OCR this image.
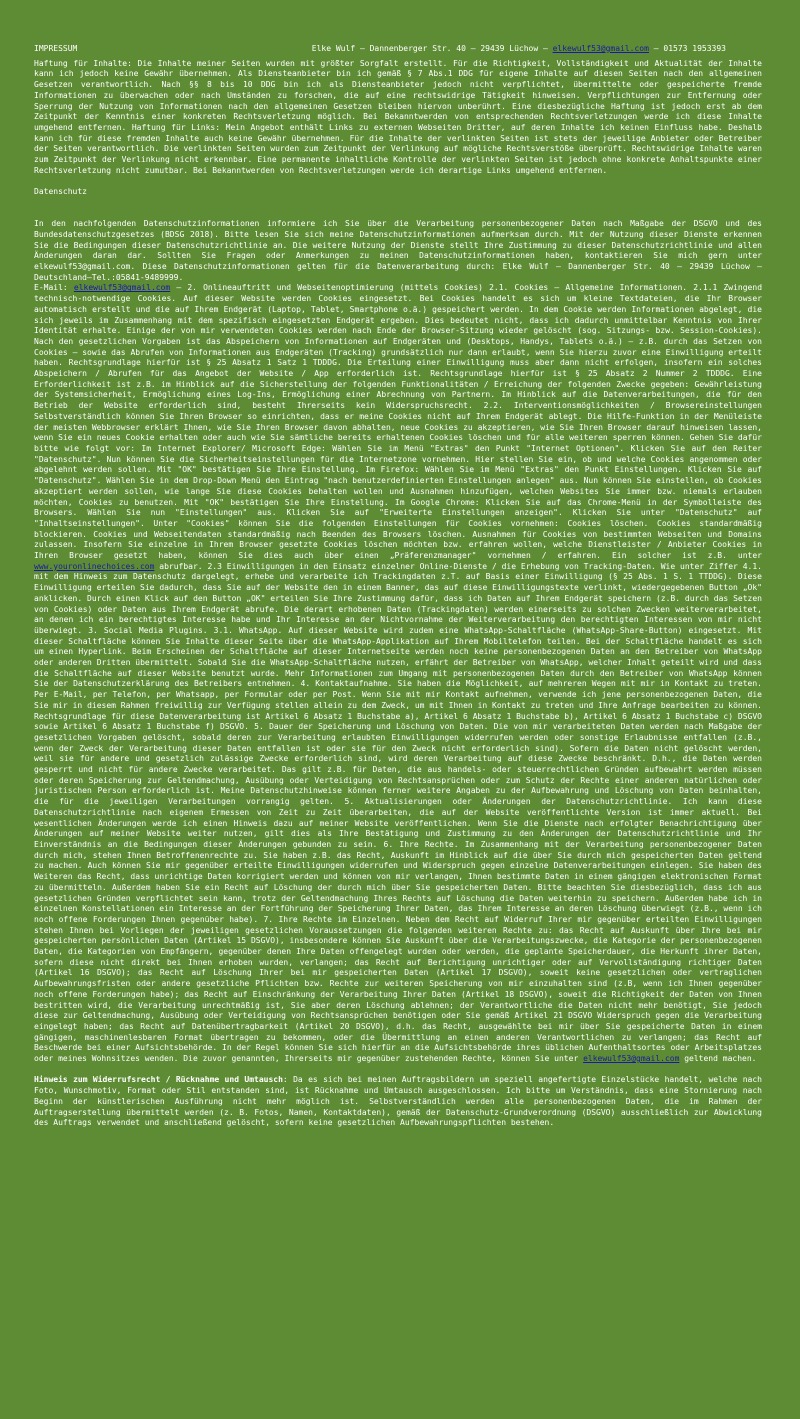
IMPRESSUM	Elke Wulf – Dannenberger Str. 40 – 29439 Lüchow – elkewulf53@gmail.com – 01573 1953393

Haftung für Inhalte: Die Inhalte meiner Seiten wurden mit größter Sorgfalt erstellt. Für die Richtigkeit, Vollständigkeit und Aktualität der Inhalte kann ich jedoch keine Gewähr übernehmen. Als Diensteanbieter bin ich gemäß § 7 Abs.1 DDG für eigene Inhalte auf diesen Seiten nach den allgemeinen Gesetzen verantwortlich. Nach §§ 8 bis 10 DDG bin ich als Diensteanbieter jedoch nicht verpflichtet, übermittelte oder gespeicherte fremde Informationen zu überwachen oder nach Umständen zu forschen, die auf eine rechtswidrige Tätigkeit hinweisen. Verpflichtungen zur Entfernung oder Sperrung der Nutzung von Informationen nach den allgemeinen Gesetzen bleiben hiervon unberührt. Eine diesbezügliche Haftung ist jedoch erst ab dem Zeitpunkt der Kenntnis einer konkreten Rechtsverletzung möglich. Bei Bekanntwerden von entsprechenden Rechtsverletzungen werde ich diese Inhalte umgehend entfernen. Haftung für Links: Mein Angebot enthält Links zu externen Webseiten Dritter, auf deren Inhalte ich keinen Einfluss habe. Deshalb kann ich für diese fremden Inhalte auch keine Gewähr übernehmen. Für die Inhalte der verlinkten Seiten ist stets der jeweilige Anbieter oder Betreiber der Seiten verantwortlich. Die verlinkten Seiten wurden zum Zeitpunkt der Verlinkung auf mögliche Rechtsverstöße überprüft. Rechtswidrige Inhalte waren zum Zeitpunkt der Verlinkung nicht erkennbar. Eine permanente inhaltliche Kontrolle der verlinkten Seiten ist jedoch ohne konkrete Anhaltspunkte einer Rechtsverletzung nicht zumutbar. Bei Bekanntwerden von Rechtsverletzungen werde ich derartige Links umgehend entfernen.

Datenschutz

In den nachfolgenden Datenschutzinformationen informiere ich Sie über die Verarbeitung personenbezogener Daten nach Maßgabe der DSGVO und des Bundesdatenschutzgesetzes (BDSG 2018). Bitte lesen Sie sich meine Datenschutzinformationen aufmerksam durch. Mit der Nutzung dieser Dienste erkennen Sie die Bedingungen dieser Datenschutzrichtlinie an. Die weitere Nutzung der Dienste stellt Ihre Zustimmung zu dieser Datenschutzrichtlinie und allen Änderungen daran dar. Sollten Sie Fragen oder Anmerkungen zu meinen Datenschutzinformationen haben, kontaktieren Sie mich gern unter elkewulf53@gmail.com. Diese Datenschutzinformationen gelten für die Datenverarbeitung durch: Elke Wulf – Dannenberger Str. 40 – 29439 Lüchow – Deutschland–Tel.:05841-9489999.

E-Mail: elkewulf53@gmail.com – 2. Onlineauftritt und Webseitenoptimierung (mittels Cookies) 2.1. Cookies – Allgemeine Informationen. 2.1.1 Zwingend technisch-notwendige Cookies. Auf dieser Website werden Cookies eingesetzt. Bei Cookies handelt es sich um kleine Textdateien, die Ihr Browser automatisch erstellt und die auf Ihrem Endgerät (Laptop, Tablet, Smartphone o.ä.) gespeichert werden. In dem Cookie werden Informationen abgelegt, die sich jeweils im Zusammenhang mit dem spezifisch eingesetzten Endgerät ergeben. Dies bedeutet nicht, dass ich dadurch unmittelbar Kenntnis von Ihrer Identität erhalte. Einige der von mir verwendeten Cookies werden nach Ende der Browser-Sitzung wieder gelöscht (sog. Sitzungs- bzw. Session-Cookies). Nach den gesetzlichen Vorgaben ist das Abspeichern von Informationen auf Endgeräten und (Desktops, Handys, Tablets o.ä.) – z.B. durch das Setzen von Cookies – sowie das Abrufen von Informationen aus Endgeräten (Tracking) grundsätzlich nur dann erlaubt, wenn Sie hierzu zuvor eine Einwilligung erteilt haben. Rechtsgrundlage hierfür ist § 25 Absatz 1 Satz 1 TDDDG. Die Erteilung einer Einwilligung muss aber dann nicht erfolgen, insofern ein solches Abspeichern / Abrufen für das Angebot der Website / App erforderlich ist. Rechtsgrundlage hierfür ist § 25 Absatz 2 Nummer 2 TDDDG. Eine Erforderlichkeit ist z.B. im Hinblick auf die Sicherstellung der folgenden Funktionalitäten / Erreichung der folgenden Zwecke gegeben: Gewährleistung der Systemsicherheit, Ermöglichung eines Log-Ins, Ermöglichung einer Abrechnung von Partnern. Im Hinblick auf die Datenverarbeitungen, die für den Betrieb der Website erforderlich sind, besteht Ihrerseits kein Widerspruchsrecht. 2.2. Interventionsmöglichkeiten / Browsereinstellungen Selbstverständlich können Sie Ihren Browser so einrichten, dass er meine Cookies nicht auf Ihrem Endgerät ablegt. Die Hilfe-Funktion in der Menüleiste der meisten Webbrowser erklärt Ihnen, wie Sie Ihren Browser davon abhalten, neue Cookies zu akzeptieren, wie Sie Ihren Browser darauf hinweisen lassen, wenn Sie ein neues Cookie erhalten oder auch wie Sie sämtliche bereits erhaltenen Cookies löschen und für alle weiteren sperren können. Gehen Sie dafür bitte wie folgt vor: Im Internet Explorer/ Microsoft Edge: Wählen Sie im Menü "Extras" den Punkt "Internet Optionen". Klicken Sie auf den Reiter "Datenschutz". Nun können Sie die Sicherheitseinstellungen für die Internetzone vornehmen. Hier stellen Sie ein, ob und welche Cookies angenommen oder abgelehnt werden sollen. Mit "OK" bestätigen Sie Ihre Einstellung. Im Firefox: Wählen Sie im Menü "Extras" den Punkt Einstellungen. Klicken Sie auf "Datenschutz". Wählen Sie in dem Drop-Down Menü den Eintrag "nach benutzerdefinierten Einstellungen anlegen" aus. Nun können Sie einstellen, ob Cookies akzeptiert werden sollen, wie lange Sie diese Cookies behalten wollen und Ausnahmen hinzufügen, welchen Websites Sie immer bzw. niemals erlauben möchten, Cookies zu benutzen. Mit "OK" bestätigen Sie Ihre Einstellung. Im Google Chrome: Klicken Sie auf das Chrome-Menü in der Symbolleiste des Browsers. Wählen Sie nun "Einstellungen" aus. Klicken Sie auf "Erweiterte Einstellungen anzeigen". Klicken Sie unter "Datenschutz" auf "Inhaltseinstellungen". Unter "Cookies" können Sie die folgenden Einstellungen für Cookies vornehmen: Cookies löschen. Cookies standardmäßig blockieren. Cookies und Webseitendaten standardmäßig nach Beenden des Browsers löschen. Ausnahmen für Cookies von bestimmten Webseiten und Domains zulassen. Insofern Sie einzelne in Ihrem Browser gesetzte Cookies löschen möchten bzw. erfahren wollen, welche Dienstleister / Anbieter Cookies in Ihren Browser gesetzt haben, können Sie dies auch über einen „Präferenzmanager" vornehmen / erfahren. Ein solcher ist z.B. unter www.youronlinechoices.com abrufbar. 2.3 Einwilligungen in den Einsatz einzelner Online-Dienste / die Erhebung von Tracking-Daten. Wie unter Ziffer 4.1. mit dem Hinweis zum Datenschutz dargelegt, erhebe und verarbeite ich Trackingdaten z.T. auf Basis einer Einwilligung (§ 25 Abs. 1 S. 1 TTDDG). Diese Einwilligung erteilen Sie dadurch, dass Sie auf der Website den in einem Banner, das auf diese Einwilligungstexte verlinkt, wiedergegebenen Button „Ok" anklicken. Durch einen Klick auf den Button „OK" erteilen Sie Ihre Zustimmung dafür, dass ich Daten auf Ihrem Endgerät speichern (z.B. durch das Setzen von Cookies) oder Daten aus Ihrem Endgerät abrufe. Die derart erhobenen Daten (Trackingdaten) werden einerseits zu solchen Zwecken weiterverarbeitet, an denen ich ein berechtigtes Interesse habe und Ihr Interesse an der Nichtvornahme der Weiterverarbeitung den berechtigten Interessen von mir nicht überwiegt. 3. Social Media Plugins. 3.1. WhatsApp. Auf dieser Website wird zudem eine WhatsApp-Schaltfläche (WhatsApp-Share-Button) eingesetzt. Mit dieser Schaltfläche können Sie Inhalte dieser Seite über die WhatsApp-Applikation auf Ihrem Mobiltelefon teilen. Bei der Schaltfläche handelt es sich um einen Hyperlink. Beim Erscheinen der Schaltfläche auf dieser Internetseite werden noch keine personenbezogenen Daten an den Betreiber von WhatsApp oder anderen Dritten übermittelt. Sobald Sie die WhatsApp-Schaltfläche nutzen, erfährt der Betreiber von WhatsApp, welcher Inhalt geteilt wird und dass die Schaltfläche auf dieser Website benutzt wurde. Mehr Informationen zum Umgang mit personenbezogenen Daten durch den Betreiber von WhatsApp können Sie der Datenschutzerklärung des Betreibers entnehmen. 4. Kontaktaufnahme. Sie haben die Möglichkeit, auf mehreren Wegen mit mir in Kontakt zu treten. Per E-Mail, per Telefon, per Whatsapp, per Formular oder per Post. Wenn Sie mit mir Kontakt aufnehmen, verwende ich jene personenbezogenen Daten, die Sie mir in diesem Rahmen freiwillig zur Verfügung stellen allein zu dem Zweck, um mit Ihnen in Kontakt zu treten und Ihre Anfrage bearbeiten zu können. Rechtsgrundlage für diese Datenverarbeitung ist Artikel 6 Absatz 1 Buchstabe a), Artikel 6 Absatz 1 Buchstabe b), Artikel 6 Absatz 1 Buchstabe c) DSGVO sowie Artikel 6 Absatz 1 Buchstabe f) DSGVO. 5. Dauer der Speicherung und Löschung von Daten. Die von mir verarbeiteten Daten werden nach Maßgabe der gesetzlichen Vorgaben gelöscht, sobald deren zur Verarbeitung erlaubten Einwilligungen widerrufen werden oder sonstige Erlaubnisse entfallen (z.B., wenn der Zweck der Verarbeitung dieser Daten entfallen ist oder sie für den Zweck nicht erforderlich sind). Sofern die Daten nicht gelöscht werden, weil sie für andere und gesetzlich zulässige Zwecke erforderlich sind, wird deren Verarbeitung auf diese Zwecke beschränkt. D.h., die Daten werden gesperrt und nicht für andere Zwecke verarbeitet. Das gilt z.B. für Daten, die aus handels- oder steuerrechtlichen Gründen aufbewahrt werden müssen oder deren Speicherung zur Geltendmachung, Ausübung oder Verteidigung von Rechtsansprüchen oder zum Schutz der Rechte einer anderen natürlichen oder juristischen Person erforderlich ist. Meine Datenschutzhinweise können ferner weitere Angaben zu der Aufbewahrung und Löschung von Daten beinhalten, die für die jeweiligen Verarbeitungen vorrangig gelten. 5. Aktualisierungen oder Änderungen der Datenschutzrichtlinie. Ich kann diese Datenschutzrichtlinie nach eigenem Ermessen von Zeit zu Zeit überarbeiten, die auf der Website veröffentlichte Version ist immer aktuell. Bei wesentlichen Änderungen werde ich einen Hinweis dazu auf meiner Website veröffentlichen. Wenn Sie die Dienste nach erfolgter Benachrichtigung über Änderungen auf meiner Website weiter nutzen, gilt dies als Ihre Bestätigung und Zustimmung zu den Änderungen der Datenschutzrichtlinie und Ihr Einverständnis an die Bedingungen dieser Änderungen gebunden zu sein. 6. Ihre Rechte. Im Zusammenhang mit der Verarbeitung personenbezogener Daten durch mich, stehen Ihnen Betroffenenrechte zu. Sie haben z.B. das Recht, Auskunft im Hinblick auf die über Sie durch mich gespeicherten Daten geltend zu machen. Auch können Sie mir gegenüber erteilte Einwilligungen widerrufen und Widerspruch gegen einzelne Datenverarbeitungen einlegen. Sie haben des Weiteren das Recht, dass unrichtige Daten korrigiert werden und können von mir verlangen, Ihnen bestimmte Daten in einem gängigen elektronischen Format zu übermitteln. Außerdem haben Sie ein Recht auf Löschung der durch mich über Sie gespeicherten Daten. Bitte beachten Sie diesbezüglich, dass ich aus gesetzlichen Gründen verpflichtet sein kann, trotz der Geltendmachung Ihres Rechts auf Löschung die Daten weiterhin zu speichern. Außerdem habe ich in einzelnen Konstellationen ein Interesse an der Fortführung der Speicherung Ihrer Daten, das Ihrem Interesse an deren Löschung überwiegt (z.B., wenn ich noch offene Forderungen Ihnen gegenüber habe). 7. Ihre Rechte im Einzelnen. Neben dem Recht auf Widerruf Ihrer mir gegenüber erteilten Einwilligungen stehen Ihnen bei Vorliegen der jeweiligen gesetzlichen Voraussetzungen die folgenden weiteren Rechte zu: das Recht auf Auskunft über Ihre bei mir gespeicherten persönlichen Daten (Artikel 15 DSGVO), insbesondere können Sie Auskunft über die Verarbeitungszwecke, die Kategorie der personenbezogenen Daten, die Kategorien von Empfängern, gegenüber denen Ihre Daten offengelegt wurden oder werden, die geplante Speicherdauer, die Herkunft ihrer Daten, sofern diese nicht direkt bei Ihnen erhoben wurden, verlangen; das Recht auf Berichtigung unrichtiger oder auf Vervollständigung richtiger Daten (Artikel 16 DSGVO); das Recht auf Löschung Ihrer bei mir gespeicherten Daten (Artikel 17 DSGVO), soweit keine gesetzlichen oder vertraglichen Aufbewahrungsfristen oder andere gesetzliche Pflichten bzw. Rechte zur weiteren Speicherung von mir einzuhalten sind (z.B, wenn ich Ihnen gegenüber noch offene Forderungen habe); das Recht auf Einschränkung der Verarbeitung Ihrer Daten (Artikel 18 DSGVO), soweit die Richtigkeit der Daten von Ihnen bestritten wird, die Verarbeitung unrechtmäßig ist, Sie aber deren Löschung ablehnen; der Verantwortliche die Daten nicht mehr benötigt, Sie jedoch diese zur Geltendmachung, Ausübung oder Verteidigung von Rechtsansprüchen benötigen oder Sie gemäß Artikel 21 DSGVO Widerspruch gegen die Verarbeitung eingelegt haben; das Recht auf Datenübertragbarkeit (Artikel 20 DSGVO), d.h. das Recht, ausgewählte bei mir über Sie gespeicherte Daten in einem gängigen, maschinenlesbaren Format übertragen zu bekommen, oder die Übermittlung an einen anderen Verantwortlichen zu verlangen; das Recht auf Beschwerde bei einer Aufsichtsbehörde. In der Regel können Sie sich hierfür an die Aufsichtsbehörde ihres üblichen Aufenthaltsortes oder Arbeitsplatzes oder meines Wohnsitzes wenden. Die zuvor genannten, Ihrerseits mir gegenüber zustehenden Rechte, können Sie unter elkewulf53@gmail.com geltend machen.

Hinweis zum Widerrufsrecht / Rücknahme und Umtausch: Da es sich bei meinen Auftragsbildern um speziell angefertigte Einzelstücke handelt, welche nach Foto, Wunschmotiv, Format oder Stil entstanden sind, ist Rücknahme und Umtausch ausgeschlossen. Ich bitte um Verständnis, dass eine Stornierung nach Beginn der künstlerischen Ausführung nicht mehr möglich ist. Selbstverständlich werden alle personenbezogenen Daten, die im Rahmen der Auftragserstellung übermittelt werden (z. B. Fotos, Namen, Kontaktdaten), gemäß der Datenschutz-Grundverordnung (DSGVO) ausschließlich zur Abwicklung des Auftrags verwendet und anschließend gelöscht, sofern keine gesetzlichen Aufbewahrungspflichten bestehen.
